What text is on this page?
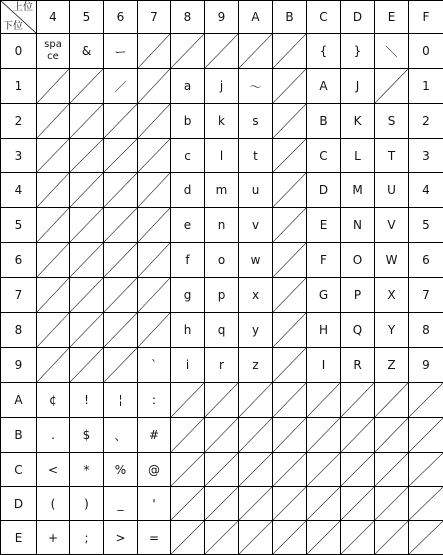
上位
下位	4	5	6	7	8	9	A	B	C	D	E	F
0	spa ce	&	ー						{	}	＼	0
1			／		a	j	～		A	J		1
2					b	k	s		B	K	S	2
3					c	l	t		C	L	T	3
4					d	m	u		D	M	U	4
5					e	n	v		E	N	V	5
6					f	o	w		F	O	W	6
7					g	p	x		G	P	X	7
8					h	q	y		H	Q	Y	8
9				`	i	r	z		I	R	Z	9
A	¢	!	¦	:	

B	.	$	、	#	

C	<	*	%	@	

D	(	)	_	'	

E	+	;	>	=	
